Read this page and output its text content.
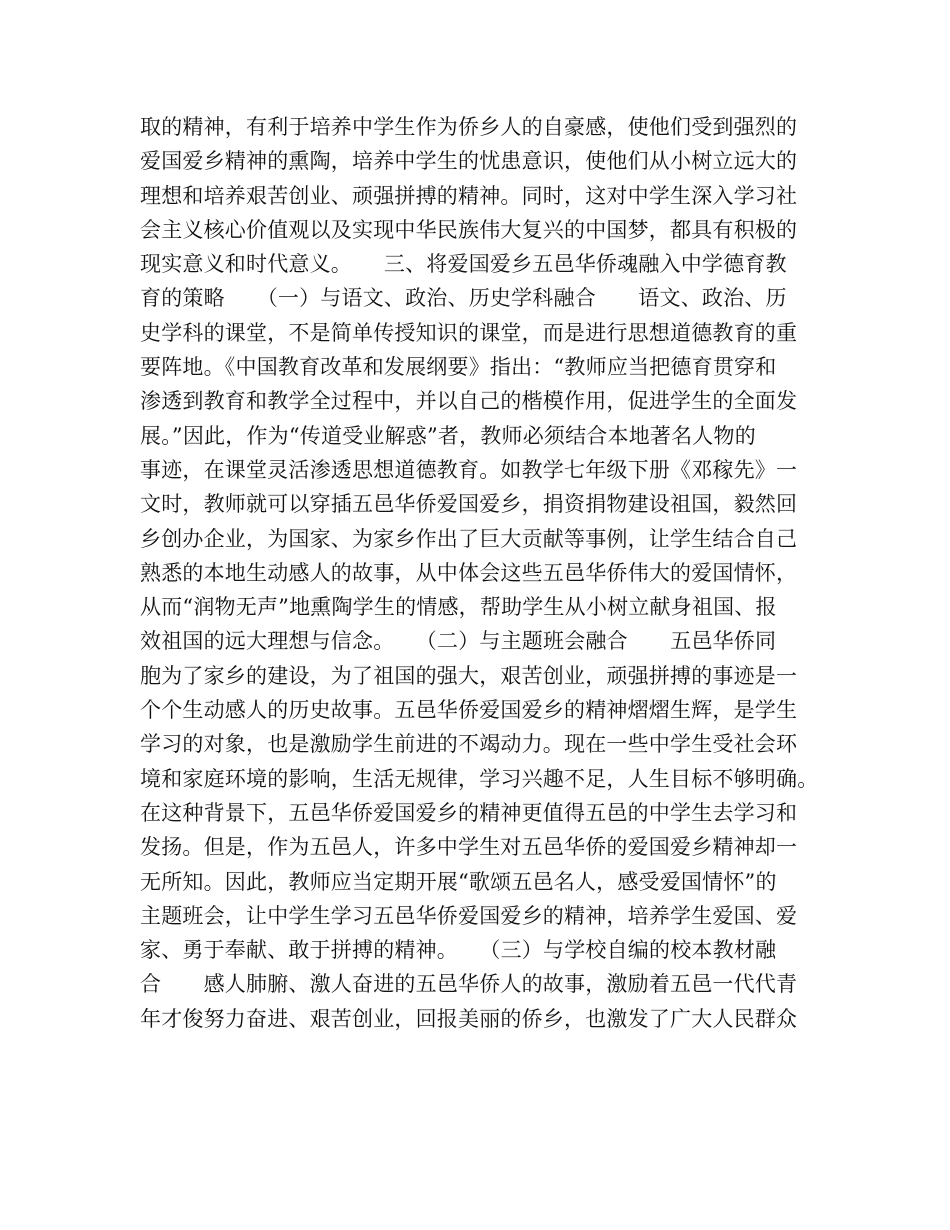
取的精神，有利于培养中学生作为侨乡人的自豪感，使他们受到强烈的
爱国爱乡精神的熏陶，培养中学生的忧患意识，使他们从小树立远大的
理想和培养艰苦创业、顽强拼搏的精神。同时，这对中学生深入学习社
会主义核心价值观以及实现中华民族伟大复兴的中国梦，都具有积极的
现实意义和时代意义。　　三、将爱国爱乡五邑华侨魂融入中学德育教
育的策略　　（一）与语文、政治、历史学科融合　　语文、政治、历
史学科的课堂，不是简单传授知识的课堂，而是进行思想道德教育的重
要阵地。《中国教育改革和发展纲要》指出：“教师应当把德育贯穿和
渗透到教育和教学全过程中，并以自己的楷模作用，促进学生的全面发
展。”因此，作为“传道受业解惑”者，教师必须结合本地著名人物的
事迹，在课堂灵活渗透思想道德教育。如教学七年级下册《邓稼先》一
文时，教师就可以穿插五邑华侨爱国爱乡，捐资捐物建设祖国，毅然回
乡创办企业，为国家、为家乡作出了巨大贡献等事例，让学生结合自己
熟悉的本地生动感人的故事，从中体会这些五邑华侨伟大的爱国情怀，
从而“润物无声”地熏陶学生的情感，帮助学生从小树立献身祖国、报
效祖国的远大理想与信念。　　（二）与主题班会融合　　五邑华侨同
胞为了家乡的建设，为了祖国的强大，艰苦创业，顽强拼搏的事迹是一
个个生动感人的历史故事。五邑华侨爱国爱乡的精神熠熠生辉，是学生
学习的对象，也是激励学生前进的不竭动力。现在一些中学生受社会环
境和家庭环境的影响，生活无规律，学习兴趣不足，人生目标不够明确。
在这种背景下，五邑华侨爱国爱乡的精神更值得五邑的中学生去学习和
发扬。但是，作为五邑人，许多中学生对五邑华侨的爱国爱乡精神却一
无所知。因此，教师应当定期开展“歌颂五邑名人，感受爱国情怀”的
主题班会，让中学生学习五邑华侨爱国爱乡的精神，培养学生爱国、爱
家、勇于奉献、敢于拼搏的精神。　　（三）与学校自编的校本教材融
合　　感人肺腑、激人奋进的五邑华侨人的故事，激励着五邑一代代青
年才俊努力奋进、艰苦创业，回报美丽的侨乡，也激发了广大人民群众
